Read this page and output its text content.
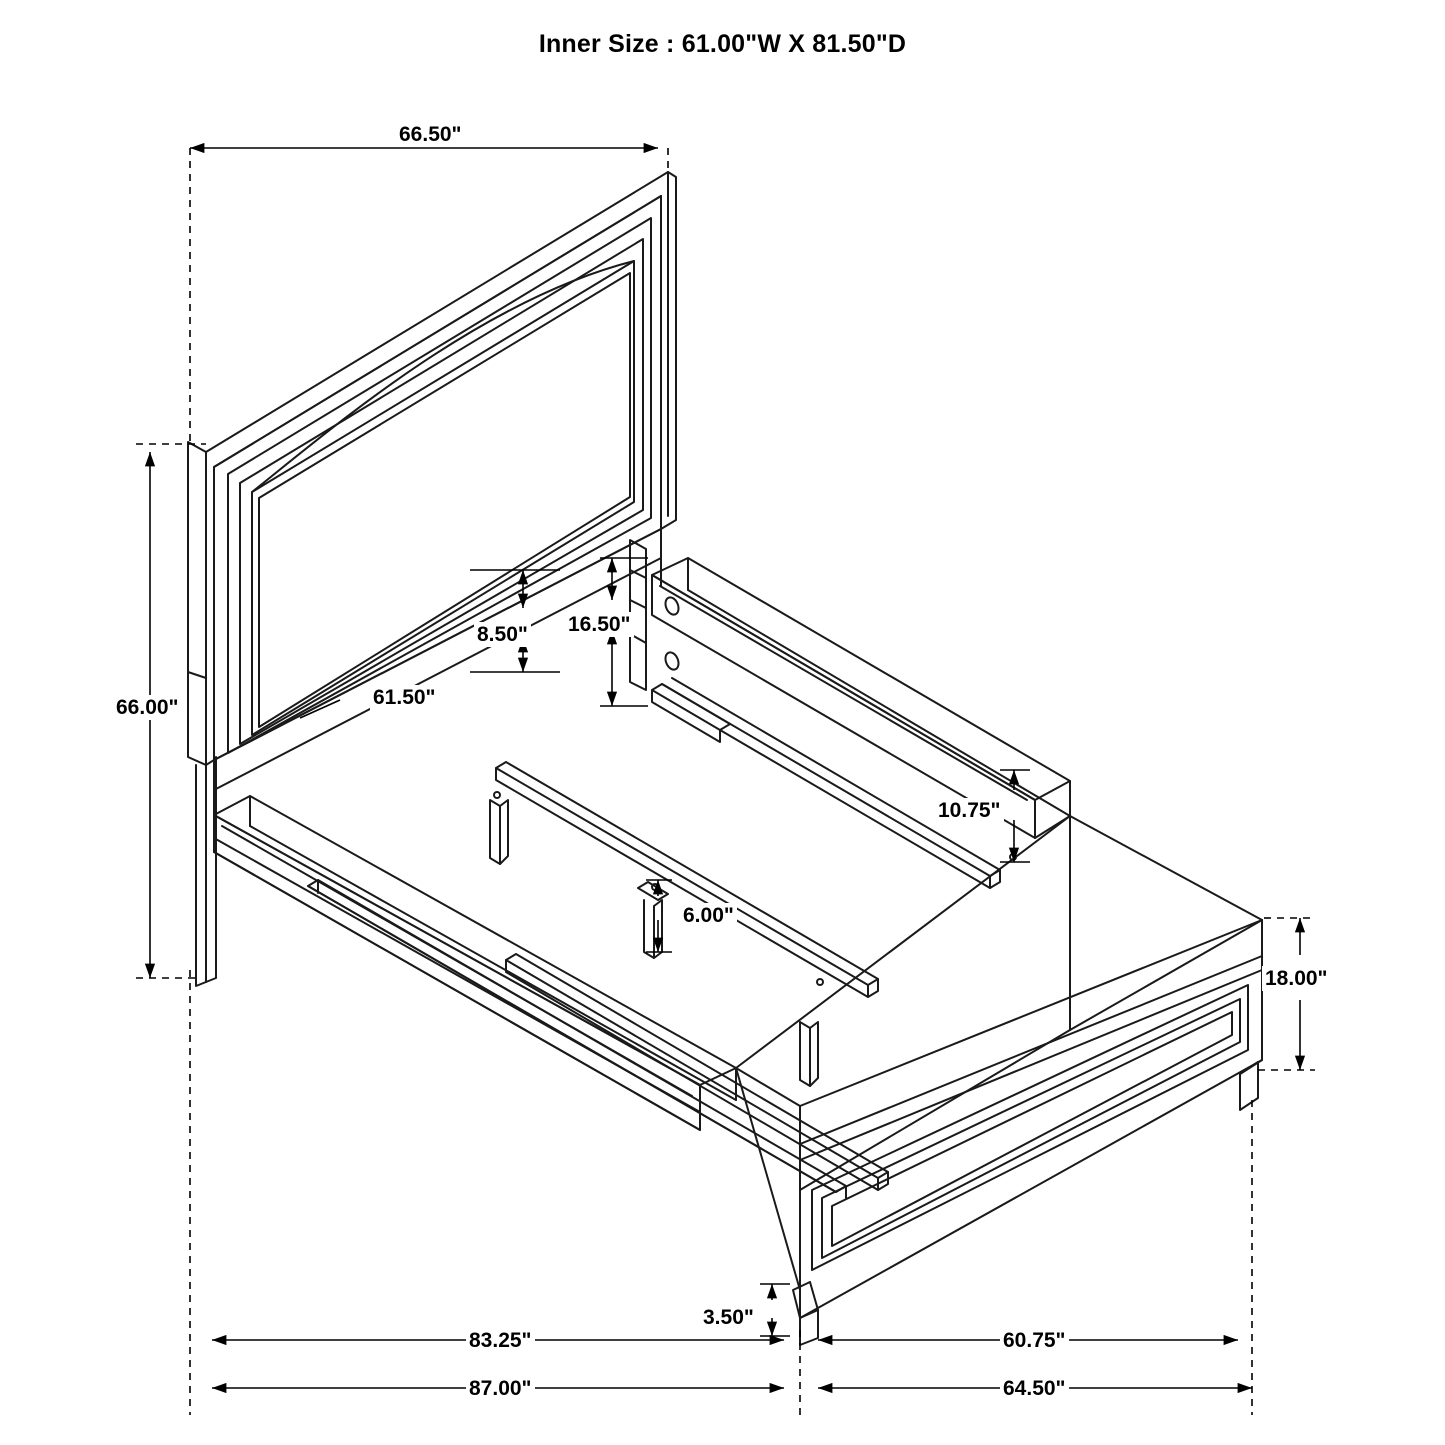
Inner Size : 61.00"W X 81.50"D
66.50"
66.00"
8.50" 16.50"
61.50"
10.75"
6.00"
18.00"
3.50"
83.25"
87.00"
60.75"
64.50"
